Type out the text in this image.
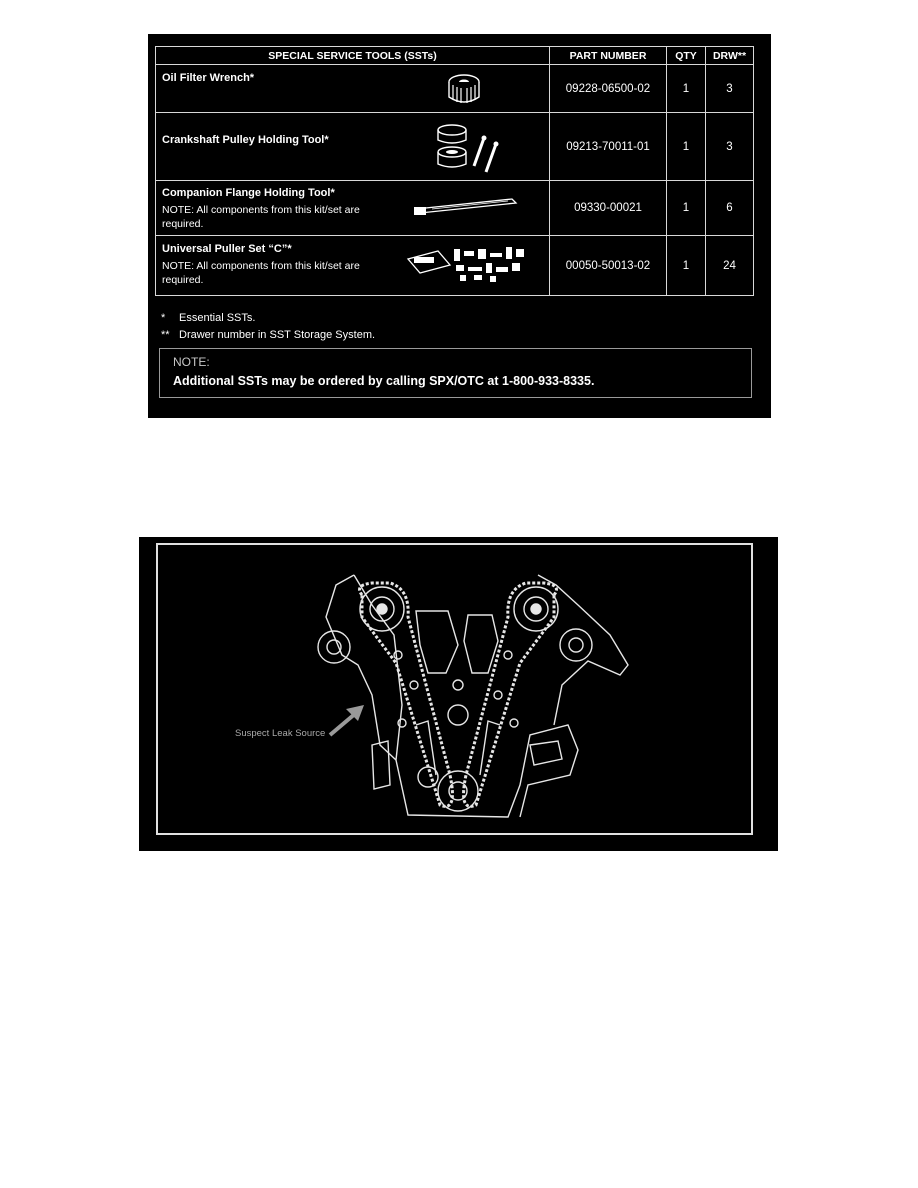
SPECIAL SERVICE TOOLS (SSTs)	PART NUMBER	QTY	DRW**

Oil Filter Wrench*	09228-06500-02	1	3

Crankshaft Pulley Holding Tool*	09213-70011-01	1	3

Companion Flange Holding Tool*
NOTE: All components from this kit/set are required.	09330-00021	1	6

Universal Puller Set “C”*
NOTE: All components from this kit/set are required.	00050-50013-02	1	24
* Essential SSTs.
** Drawer number in SST Storage System.
NOTE:
Additional SSTs may be ordered by calling SPX/OTC at 1-800-933-8335.
Suspect Leak Source
